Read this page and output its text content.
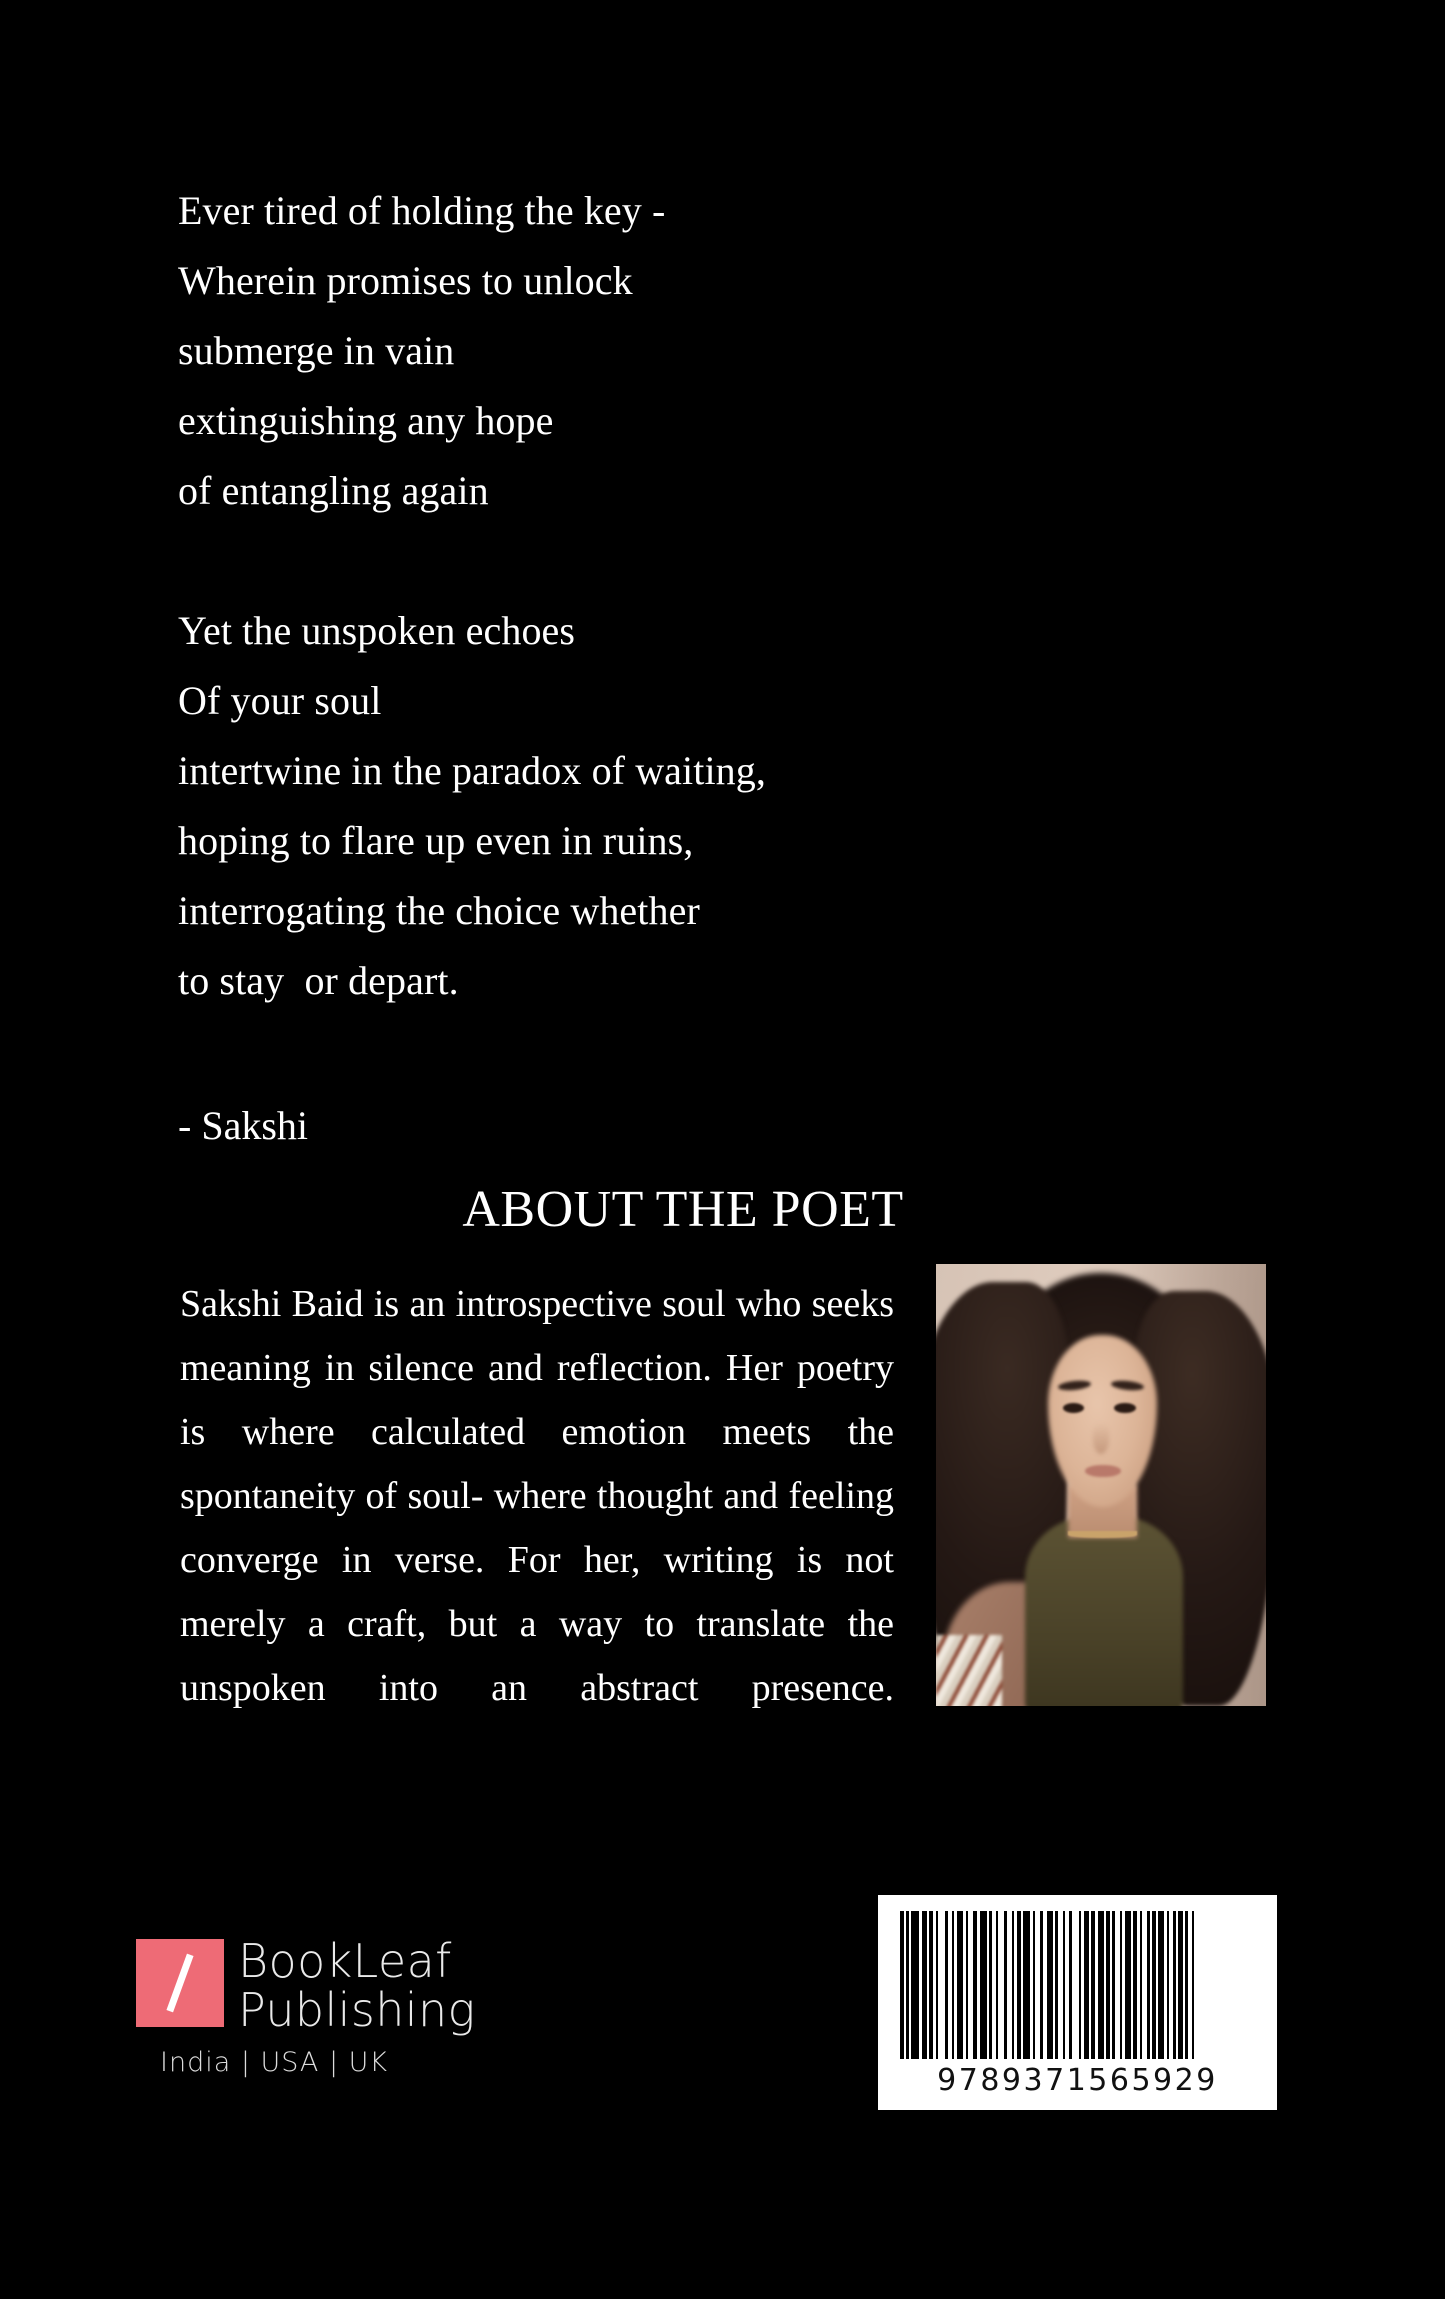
Ever tired of holding the key -
Wherein promises to unlock
submerge in vain
extinguishing any hope
of entangling again
Yet the unspoken echoes
Of your soul
intertwine in the paradox of waiting,
hoping to flare up even in ruins,
interrogating the choice whether
to stay  or depart.
- Sakshi
ABOUT THE POET
Sakshi Baid is an introspective soul who seeks meaning in silence and reflection. Her poetry is where calculated emotion meets the spontaneity of soul- where thought and feeling converge in verse. For her, writing is not merely a craft, but a way to translate the unspoken into an abstract presence.
BookLeaf
Publishing
India | USA | UK
9789371565929
